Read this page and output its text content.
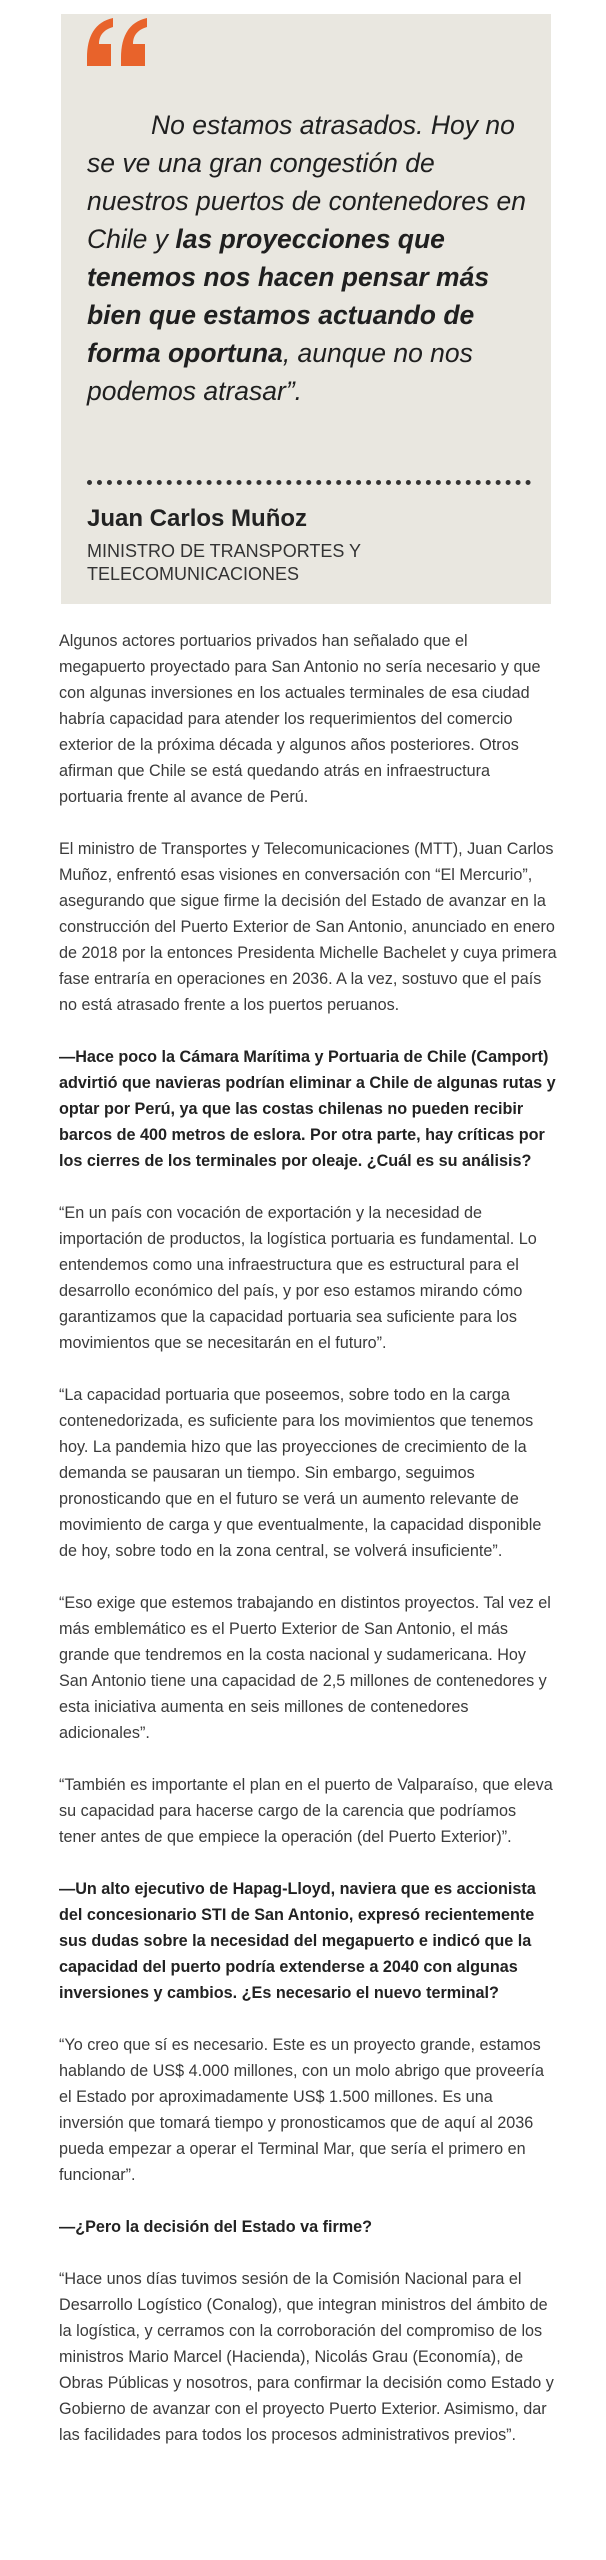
No estamos atrasados. Hoy no se ve una gran congestión de nuestros puertos de contenedores en Chile y las proyecciones que tenemos nos hacen pensar más bien que estamos actuando de forma oportuna, aunque no nos podemos atrasar”.

Juan Carlos Muñoz

MINISTRO DE TRANSPORTES Y TELECOMUNICACIONES

Algunos actores portuarios privados han señalado que el megapuerto proyectado para San Antonio no sería necesario y que con algunas inversiones en los actuales terminales de esa ciudad habría capacidad para atender los requerimientos del comercio exterior de la próxima década y algunos años posteriores. Otros afirman que Chile se está quedando atrás en infraestructura portuaria frente al avance de Perú.

El ministro de Transportes y Telecomunicaciones (MTT), Juan Carlos Muñoz, enfrentó esas visiones en conversación con “El Mercurio”, asegurando que sigue firme la decisión del Estado de avanzar en la construcción del Puerto Exterior de San Antonio, anunciado en enero de 2018 por la entonces Presidenta Michelle Bachelet y cuya primera fase entraría en operaciones en 2036. A la vez, sostuvo que el país no está atrasado frente a los puertos peruanos.

—Hace poco la Cámara Marítima y Portuaria de Chile (Camport) advirtió que navieras podrían eliminar a Chile de algunas rutas y optar por Perú, ya que las costas chilenas no pueden recibir barcos de 400 metros de eslora. Por otra parte, hay críticas por los cierres de los terminales por oleaje. ¿Cuál es su análisis?

“En un país con vocación de exportación y la necesidad de importación de productos, la logística portuaria es fundamental. Lo entendemos como una infraestructura que es estructural para el desarrollo económico del país, y por eso estamos mirando cómo garantizamos que la capacidad portuaria sea suficiente para los movimientos que se necesitarán en el futuro”.

“La capacidad portuaria que poseemos, sobre todo en la carga contenedorizada, es suficiente para los movimientos que tenemos hoy. La pandemia hizo que las proyecciones de crecimiento de la demanda se pausaran un tiempo. Sin embargo, seguimos pronosticando que en el futuro se verá un aumento relevante de movimiento de carga y que eventualmente, la capacidad disponible de hoy, sobre todo en la zona central, se volverá insuficiente”.

“Eso exige que estemos trabajando en distintos proyectos. Tal vez el más emblemático es el Puerto Exterior de San Antonio, el más grande que tendremos en la costa nacional y sudamericana. Hoy San Antonio tiene una capacidad de 2,5 millones de contenedores y esta iniciativa aumenta en seis millones de contenedores adicionales”.

“También es importante el plan en el puerto de Valparaíso, que eleva su capacidad para hacerse cargo de la carencia que podríamos tener antes de que empiece la operación (del Puerto Exterior)”.

—Un alto ejecutivo de Hapag-Lloyd, naviera que es accionista del concesionario STI de San Antonio, expresó recientemente sus dudas sobre la necesidad del megapuerto e indicó que la capacidad del puerto podría extenderse a 2040 con algunas inversiones y cambios. ¿Es necesario el nuevo terminal?

“Yo creo que sí es necesario. Este es un proyecto grande, estamos hablando de US$ 4.000 millones, con un molo abrigo que proveería el Estado por aproximadamente US$ 1.500 millones. Es una inversión que tomará tiempo y pronosticamos que de aquí al 2036 pueda empezar a operar el Terminal Mar, que sería el primero en funcionar”.

—¿Pero la decisión del Estado va firme?

“Hace unos días tuvimos sesión de la Comisión Nacional para el Desarrollo Logístico (Conalog), que integran ministros del ámbito de la logística, y cerramos con la corroboración del compromiso de los ministros Mario Marcel (Hacienda), Nicolás Grau (Economía), de Obras Públicas y nosotros, para confirmar la decisión como Estado y Gobierno de avanzar con el proyecto Puerto Exterior. Asimismo, dar las facilidades para todos los procesos administrativos previos”.
